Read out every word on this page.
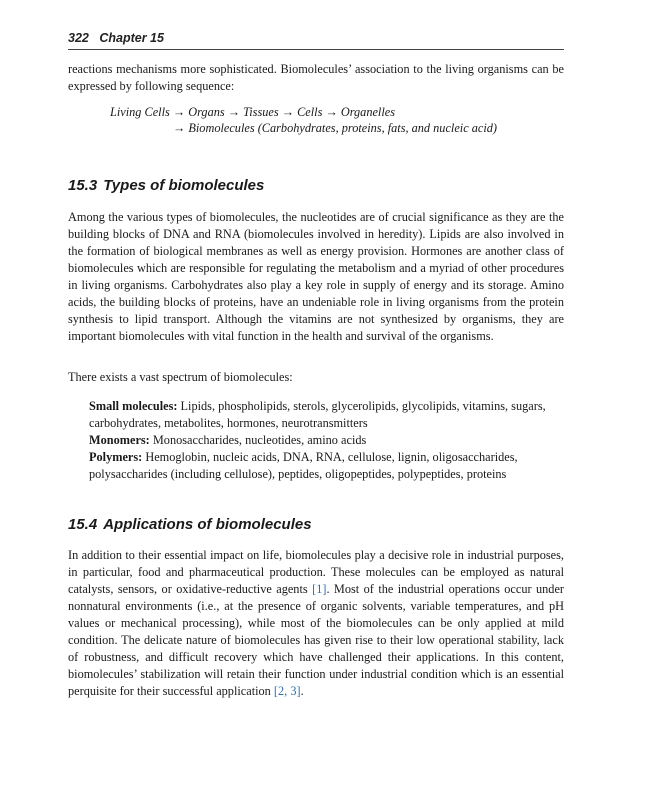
322 Chapter 15

reactions mechanisms more sophisticated. Biomolecules’ association to the living organisms can be expressed by following sequence:

Living Cells → Organs → Tissues → Cells → Organelles
→ Biomolecules (Carbohydrates, proteins, fats, and nucleic acid)
15.3 Types of biomolecules

Among the various types of biomolecules, the nucleotides are of crucial significance as they are the building blocks of DNA and RNA (biomolecules involved in heredity). Lipids are also involved in the formation of biological membranes as well as energy provision. Hormones are another class of biomolecules which are responsible for regulating the metabolism and a myriad of other procedures in living organisms. Carbohydrates also play a key role in supply of energy and its storage. Amino acids, the building blocks of proteins, have an undeniable role in living organisms from the protein synthesis to lipid transport. Although the vitamins are not synthesized by organisms, they are important biomolecules with vital function in the health and survival of the organisms.

There exists a vast spectrum of biomolecules:

Small molecules: Lipids, phospholipids, sterols, glycerolipids, glycolipids, vitamins, sugars, carbohydrates, metabolites, hormones, neurotransmitters
Monomers: Monosaccharides, nucleotides, amino acids
Polymers: Hemoglobin, nucleic acids, DNA, RNA, cellulose, lignin, oligosaccharides, polysaccharides (including cellulose), peptides, oligopeptides, polypeptides, proteins
15.4 Applications of biomolecules

In addition to their essential impact on life, biomolecules play a decisive role in industrial purposes, in particular, food and pharmaceutical production. These molecules can be employed as natural catalysts, sensors, or oxidative-reductive agents [1]. Most of the industrial operations occur under nonnatural environments (i.e., at the presence of organic solvents, variable temperatures, and pH values or mechanical processing), while most of the biomolecules can be only applied at mild condition. The delicate nature of biomolecules has given rise to their low operational stability, lack of robustness, and difficult recovery which have challenged their applications. In this content, biomolecules’ stabilization will retain their function under industrial condition which is an essential perquisite for their successful application [2, 3].
